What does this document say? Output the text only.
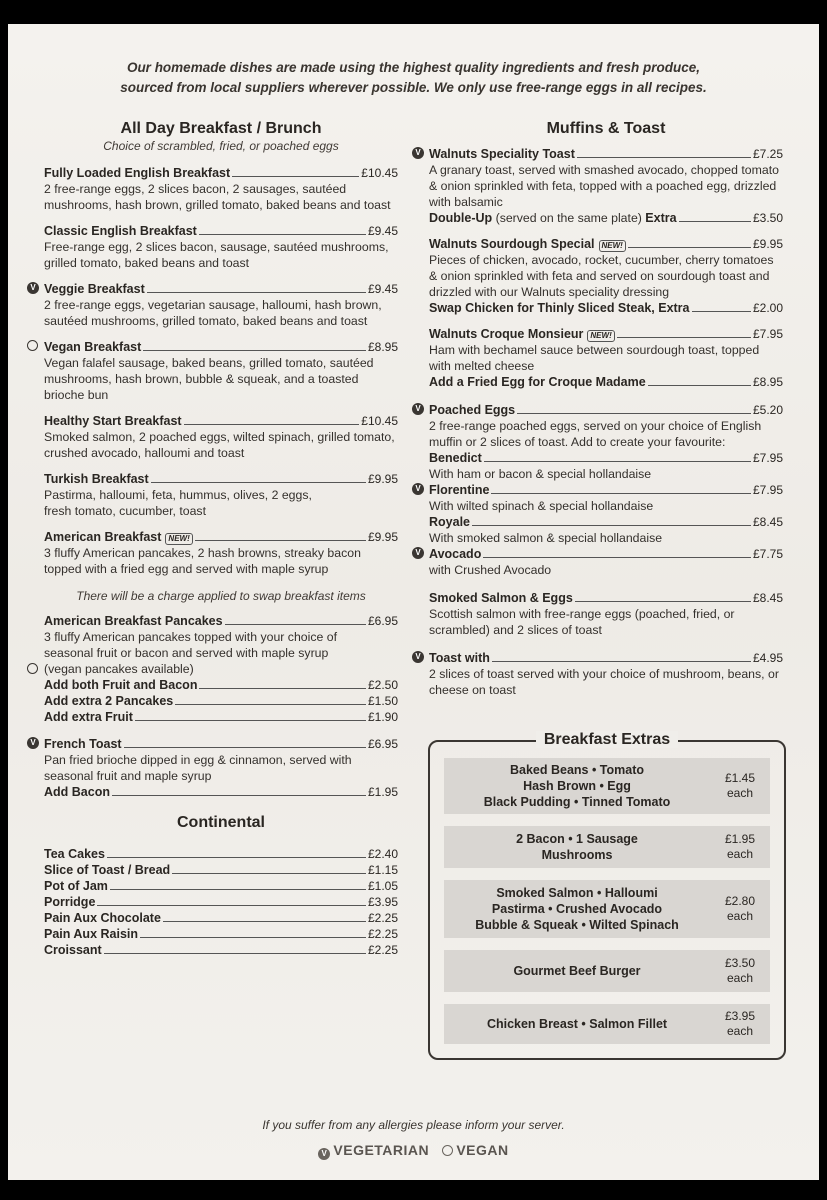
Our homemade dishes are made using the highest quality ingredients and fresh produce,
sourced from local suppliers wherever possible. We only use free-range eggs in all recipes.
All Day Breakfast / Brunch
Choice of scrambled, fried, or poached eggs
Fully Loaded English Breakfast	£10.45
2 free-range eggs, 2 slices bacon, 2 sausages, sautéed mushrooms, hash brown, grilled tomato, baked beans and toast
Classic English Breakfast	£9.45
Free-range egg, 2 slices bacon, sausage, sautéed mushrooms, grilled tomato, baked beans and toast
V Veggie Breakfast	£9.45
2 free-range eggs, vegetarian sausage, halloumi, hash brown, sautéed mushrooms, grilled tomato, baked beans and toast
Vegan Breakfast	£8.95
Vegan falafel sausage, baked beans, grilled tomato, sautéed mushrooms, hash brown, bubble & squeak, and a toasted brioche bun
Healthy Start Breakfast	£10.45
Smoked salmon, 2 poached eggs, wilted spinach, grilled tomato, crushed avocado, halloumi and toast
Turkish Breakfast	£9.95
Pastirma, halloumi, feta, hummus, olives, 2 eggs, fresh tomato, cucumber, toast
American Breakfast NEW!	£9.95
3 fluffy American pancakes, 2 hash browns, streaky bacon topped with a fried egg and served with maple syrup
There will be a charge applied to swap breakfast items
American Breakfast Pancakes	£6.95
3 fluffy American pancakes topped with your choice of seasonal fruit or bacon and served with maple syrup
(vegan pancakes available)
Add both Fruit and Bacon	£2.50
Add extra 2 Pancakes	£1.50
Add extra Fruit	£1.90
V French Toast	£6.95
Pan fried brioche dipped in egg & cinnamon, served with seasonal fruit and maple syrup
Add Bacon	£1.95
Continental
Tea Cakes	£2.40
Slice of Toast / Bread	£1.15
Pot of Jam	£1.05
Porridge	£3.95
Pain Aux Chocolate	£2.25
Pain Aux Raisin	£2.25
Croissant	£2.25
Muffins & Toast
V Walnuts Speciality Toast	£7.25
A granary toast, served with smashed avocado, chopped tomato & onion sprinkled with feta, topped with a poached egg, drizzled with balsamic
Double-Up (served on the same plate) Extra	£3.50
Walnuts Sourdough Special NEW!	£9.95
Pieces of chicken, avocado, rocket, cucumber, cherry tomatoes & onion sprinkled with feta and served on sourdough toast and drizzled with our Walnuts speciality dressing
Swap Chicken for Thinly Sliced Steak, Extra	£2.00
Walnuts Croque Monsieur NEW!	£7.95
Ham with bechamel sauce between sourdough toast, topped with melted cheese
Add a Fried Egg for Croque Madame	£8.95
V Poached Eggs	£5.20
2 free-range poached eggs, served on your choice of English muffin or 2 slices of toast. Add to create your favourite:
Benedict	£7.95
With ham or bacon & special hollandaise
V Florentine	£7.95
With wilted spinach & special hollandaise
Royale	£8.45
With smoked salmon & special hollandaise
V Avocado	£7.75
with Crushed Avocado
Smoked Salmon & Eggs	£8.45
Scottish salmon with free-range eggs (poached, fried, or scrambled) and 2 slices of toast
V Toast with	£4.95
2 slices of toast served with your choice of mushroom, beans, or cheese on toast
Breakfast Extras
Baked Beans • Tomato
Hash Brown • Egg
Black Pudding • Tinned Tomato
£1.45
each
2 Bacon • 1 Sausage
Mushrooms
£1.95
each
Smoked Salmon • Halloumi
Pastirma • Crushed Avocado
Bubble & Squeak • Wilted Spinach
£2.80
each
Gourmet Beef Burger
£3.50
each
Chicken Breast • Salmon Fillet
£3.95
each
If you suffer from any allergies please inform your server.
V VEGETARIAN VEGAN
